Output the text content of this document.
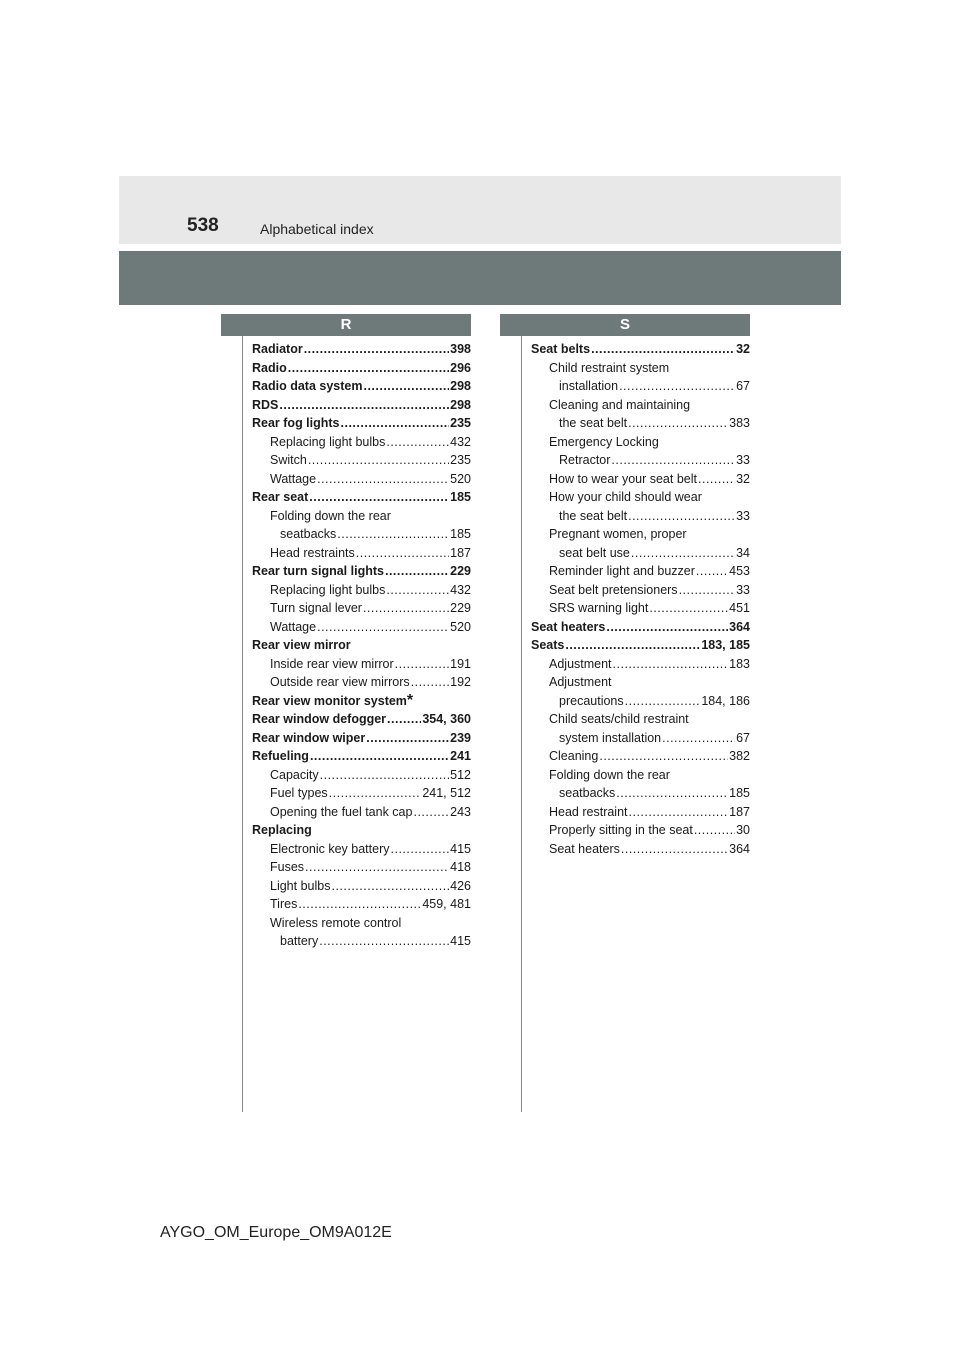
538	Alphabetical index
R	S
Radiator .....	398
Radio .....	296
Radio data system .....	298
RDS .....	298
Rear fog lights .....	235
Replacing light bulbs .....	432
Switch .....	235
Wattage .....	520
Rear seat .....	185
Folding down the rear
seatbacks .....	185
Head restraints .....	187
Rear turn signal lights .....	229
Replacing light bulbs .....	432
Turn signal lever .....	229
Wattage .....	520
Rear view mirror
Inside rear view mirror .....	191
Outside rear view mirrors .....	192
Rear view monitor system *
Rear window defogger .....	354, 360
Rear window wiper .....	239
Refueling .....	241
Capacity .....	512
Fuel types .....	241, 512
Opening the fuel tank cap .....	243
Replacing
Electronic key battery .....	415
Fuses .....	418
Light bulbs .....	426
Tires .....	459, 481
Wireless remote control
battery .....	415
Seat belts .....	32
Child restraint system
installation .....	67
Cleaning and maintaining
the seat belt .....	383
Emergency Locking
Retractor .....	33
How to wear your seat belt .....	32
How your child should wear
the seat belt .....	33
Pregnant women, proper
seat belt use .....	34
Reminder light and buzzer .....	453
Seat belt pretensioners .....	33
SRS warning light .....	451
Seat heaters .....	364
Seats .....	183, 185
Adjustment .....	183
Adjustment
precautions .....	184, 186
Child seats/child restraint
system installation .....	67
Cleaning .....	382
Folding down the rear
seatbacks .....	185
Head restraint .....	187
Properly sitting in the seat .....	30
Seat heaters .....	364
AYGO_OM_Europe_OM9A012E
